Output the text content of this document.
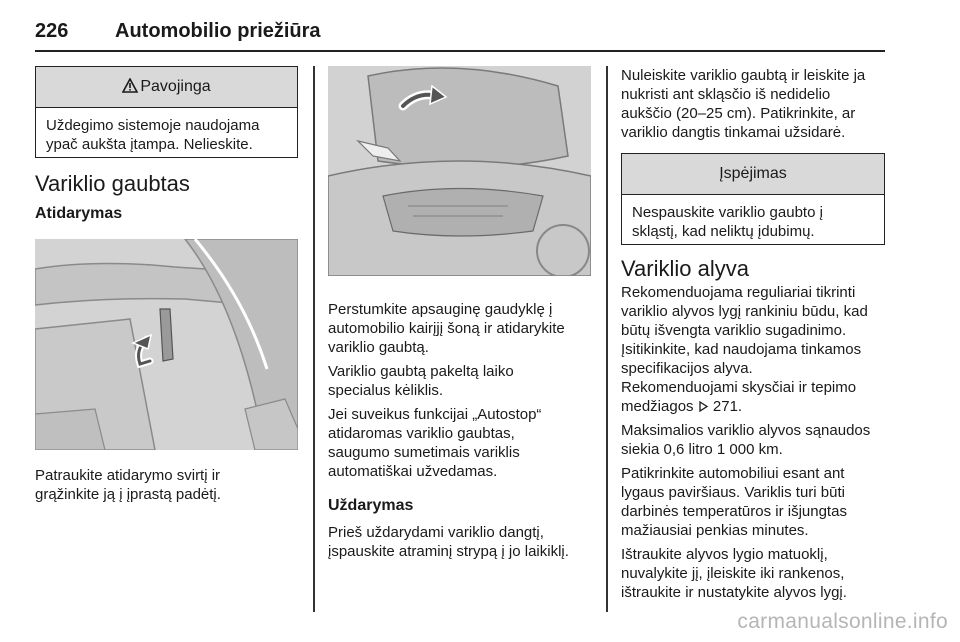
226 Automobilio priežiūra
Pavojinga
Uždegimo sistemoje naudojama
ypač aukšta įtampa. Nelieskite.
Variklio gaubtas
Atidarymas

Patraukite atidarymo svirtį ir

grąžinkite ją į įprastą padėtį.

Perstumkite apsauginę gaudyklę į

automobilio kairįjį šoną ir atidarykite

variklio gaubtą.

Variklio gaubtą pakeltą laiko

specialus kėliklis.

Jei suveikus funkcijai „Autostop“

atidaromas variklio gaubtas,

saugumo sumetimais variklis

automatiškai užvedamas.

Uždarymas

Prieš uždarydami variklio dangtį,

įspauskite atraminį strypą į jo laikiklį.

Nuleiskite variklio gaubtą ir leiskite ja

nukristi ant skląsčio iš nedidelio

aukščio (20–25 cm). Patikrinkite, ar

variklio dangtis tinkamai užsidarė.

Įspėjimas
Nespauskite variklio gaubto į
skląstį, kad neliktų įdubimų.
Variklio alyva

Rekomenduojama reguliariai tikrinti

variklio alyvos lygį rankiniu būdu, kad

būtų išvengta variklio sugadinimo.

Įsitikinkite, kad naudojama tinkamos

specifikacijos alyva.

Rekomenduojami skysčiai ir tepimo

medžiagos  271.

Maksimalios variklio alyvos sąnaudos

siekia 0,6 litro 1 000 km.

Patikrinkite automobiliui esant ant

lygaus paviršiaus. Variklis turi būti

darbinės temperatūros ir išjungtas

mažiausiai penkias minutes.

Ištraukite alyvos lygio matuoklį,

nuvalykite jį, įleiskite iki rankenos,

ištraukite ir nustatykite alyvos lygį.

carmanualsonline.info
